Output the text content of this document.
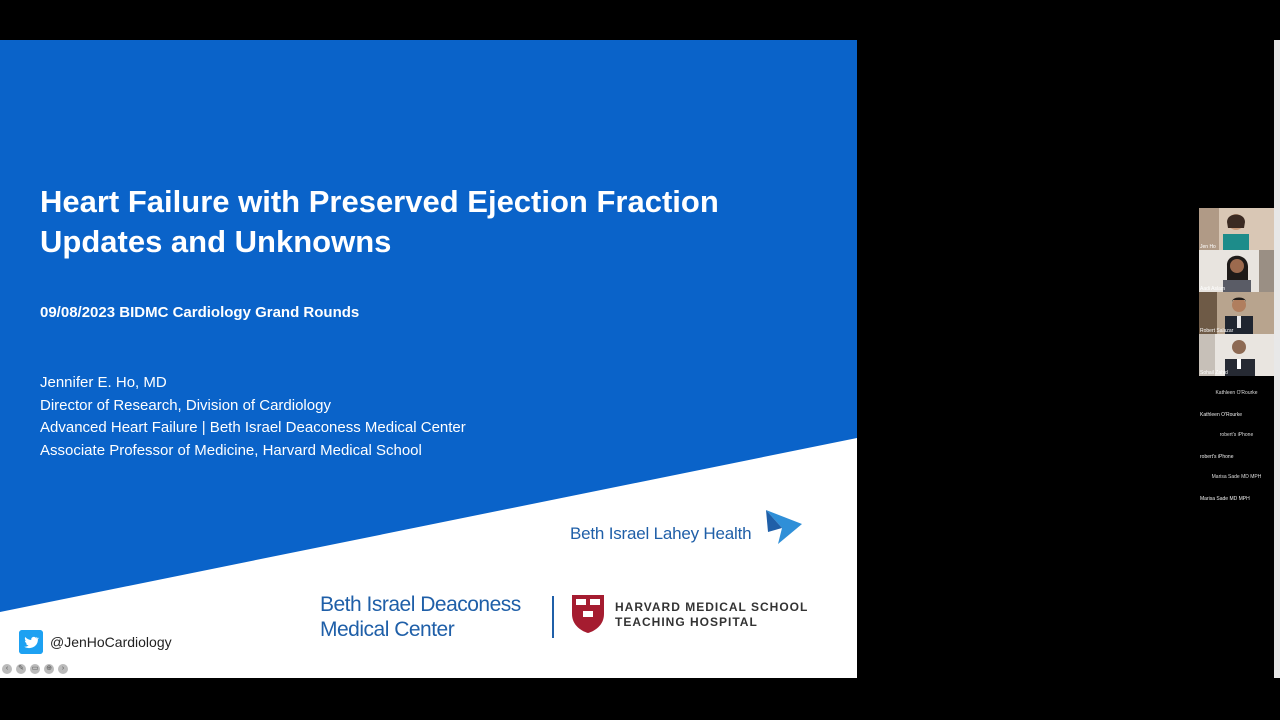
Heart Failure with Preserved Ejection Fraction
Updates and Unknowns
09/08/2023 BIDMC Cardiology Grand Rounds
Jennifer E. Ho, MD
Director of Research, Division of Cardiology
Advanced Heart Failure | Beth Israel Deaconess Medical Center
Associate Professor of Medicine, Harvard Medical School
Beth Israel Lahey Health
Beth Israel Deaconess
Medical Center
HARVARD MEDICAL SCHOOL
TEACHING HOSPITAL
@JenHoCardiology
‹	✎ ▭ ⊕	›
Jen Ho
Aadi Aslam
Robert Salazar
Sohail Zahid
Kathleen O'Rourke
Kathleen O'Rourke
robert's iPhone
robert's iPhone
Marisa Sade MD MPH
Marisa Sade MD MPH
